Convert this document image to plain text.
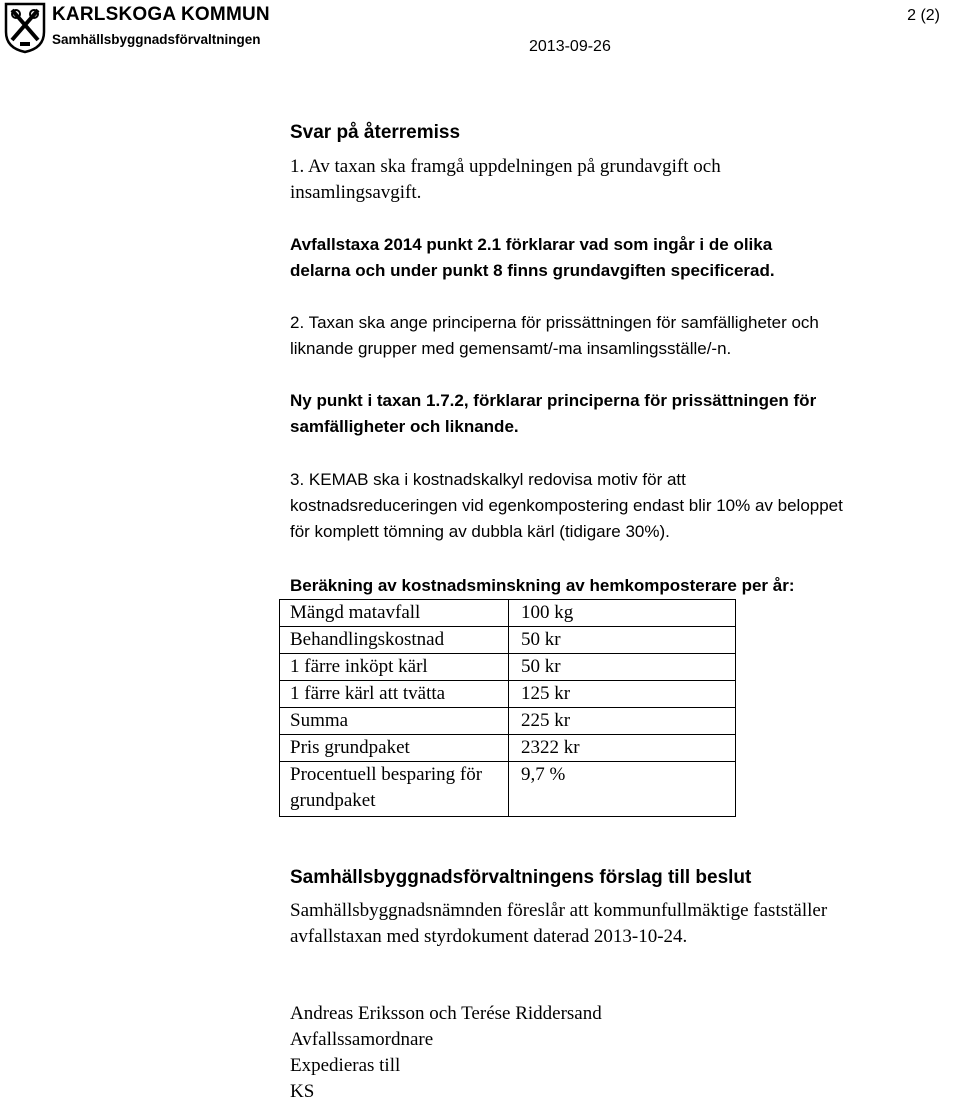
KARLSKOGA KOMMUN
Samhällsbyggnadsförvaltningen
2 (2)
2013-09-26
Svar på återremiss
1. Av taxan ska framgå uppdelningen på grundavgift och
insamlingsavgift.
Avfallstaxa 2014 punkt 2.1 förklarar vad som ingår i de olika
delarna och under punkt 8 finns grundavgiften specificerad.
2. Taxan ska ange principerna för prissättningen för samfälligheter och
liknande grupper med gemensamt/-ma insamlingsställe/-n.
Ny punkt i taxan 1.7.2, förklarar principerna för prissättningen för
samfälligheter och liknande.
3. KEMAB ska i kostnadskalkyl redovisa motiv för att
kostnadsreduceringen vid egenkompostering endast blir 10% av beloppet
för komplett tömning av dubbla kärl (tidigare 30%).
Beräkning av kostnadsminskning av hemkomposterare per år:
Mängd matavfall	100 kg
Behandlingskostnad	50 kr
1 färre inköpt kärl	50 kr
1 färre kärl att tvätta	125 kr
Summa	225 kr
Pris grundpaket	2322 kr
Procentuell besparing för grundpaket	9,7 %
Samhällsbyggnadsförvaltningens förslag till beslut
Samhällsbyggnadsnämnden föreslår att kommunfullmäktige fastställer
avfallstaxan med styrdokument daterad 2013-10-24.
Andreas Eriksson och Terése Riddersand
Avfallssamordnare
Expedieras till
KS
